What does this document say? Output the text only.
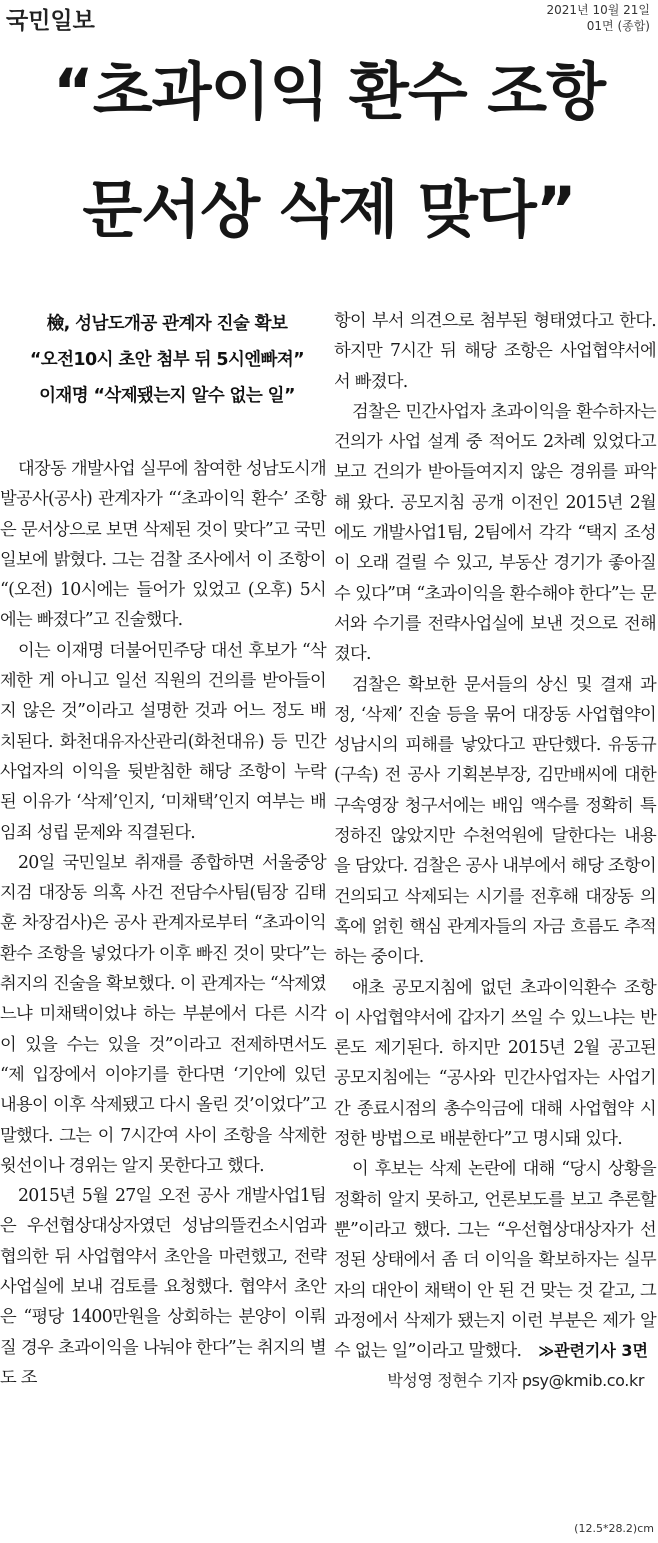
국민일보	2021년 10월 21일
01면 (종합)
“초과이익 환수 조항
문서상 삭제 맞다”
檢, 성남도개공 관계자 진술 확보
“오전10시 초안 첨부 뒤 5시엔빠져”
이재명 “삭제됐는지 알수 없는 일”

대장동 개발사업 실무에 참여한 성남도시개발공사(공사) 관계자가 “‘초과이익 환수’ 조항은 문서상으로 보면 삭제된 것이 맞다”고 국민일보에 밝혔다. 그는 검찰 조사에서 이 조항이 “(오전) 10시에는 들어가 있었고 (오후) 5시에는 빠졌다”고 진술했다.

이는 이재명 더불어민주당 대선 후보가 “삭제한 게 아니고 일선 직원의 건의를 받아들이지 않은 것”이라고 설명한 것과 어느 정도 배치된다. 화천대유자산관리(화천대유) 등 민간 사업자의 이익을 뒷받침한 해당 조항이 누락된 이유가 ‘삭제’인지, ‘미채택’인지 여부는 배임죄 성립 문제와 직결된다.

20일 국민일보 취재를 종합하면 서울중앙지검 대장동 의혹 사건 전담수사팀(팀장 김태훈 차장검사)은 공사 관계자로부터 “초과이익환수 조항을 넣었다가 이후 빠진 것이 맞다”는 취지의 진술을 확보했다. 이 관계자는 “삭제였느냐 미채택이었냐 하는 부분에서 다른 시각이 있을 수는 있을 것”이라고 전제하면서도 “제 입장에서 이야기를 한다면 ‘기안에 있던 내용이 이후 삭제됐고 다시 올린 것’이었다”고 말했다. 그는 이 7시간여 사이 조항을 삭제한 윗선이나 경위는 알지 못한다고 했다.

2015년 5월 27일 오전 공사 개발사업1팀은 우선협상대상자였던 성남의뜰컨소시엄과 협의한 뒤 사업협약서 초안을 마련했고, 전략사업실에 보내 검토를 요청했다. 협약서 초안은 “평당 1400만원을 상회하는 분양이 이뤄질 경우 초과이익을 나눠야 한다”는 취지의 별도 조

항이 부서 의견으로 첨부된 형태였다고 한다. 하지만 7시간 뒤 해당 조항은 사업협약서에서 빠졌다.

검찰은 민간사업자 초과이익을 환수하자는 건의가 사업 설계 중 적어도 2차례 있었다고 보고 건의가 받아들여지지 않은 경위를 파악해 왔다. 공모지침 공개 이전인 2015년 2월에도 개발사업1팀, 2팀에서 각각 “택지 조성이 오래 걸릴 수 있고, 부동산 경기가 좋아질 수 있다”며 “초과이익을 환수해야 한다”는 문서와 수기를 전략사업실에 보낸 것으로 전해졌다.

검찰은 확보한 문서들의 상신 및 결재 과정, ‘삭제’ 진술 등을 묶어 대장동 사업협약이 성남시의 피해를 낳았다고 판단했다. 유동규(구속) 전 공사 기획본부장, 김만배씨에 대한 구속영장 청구서에는 배임 액수를 정확히 특정하진 않았지만 수천억원에 달한다는 내용을 담았다. 검찰은 공사 내부에서 해당 조항이 건의되고 삭제되는 시기를 전후해 대장동 의혹에 얽힌 핵심 관계자들의 자금 흐름도 추적하는 중이다.

애초 공모지침에 없던 초과이익환수 조항이 사업협약서에 갑자기 쓰일 수 있느냐는 반론도 제기된다. 하지만 2015년 2월 공고된 공모지침에는 “공사와 민간사업자는 사업기간 종료시점의 총수익금에 대해 사업협약 시 정한 방법으로 배분한다”고 명시돼 있다.

이 후보는 삭제 논란에 대해 “당시 상황을 정확히 알지 못하고, 언론보도를 보고 추론할 뿐”이라고 했다. 그는 “우선협상대상자가 선정된 상태에서 좀 더 이익을 확보하자는 실무자의 대안이 채택이 안 된 건 맞는 것 같고, 그 과정에서 삭제가 됐는지 이런 부분은 제가 알 수 없는 일”이라고 말했다.	≫관련기사 3면
박성영 정현수 기자 psy@kmib.co.kr
(12.5*28.2)cm
